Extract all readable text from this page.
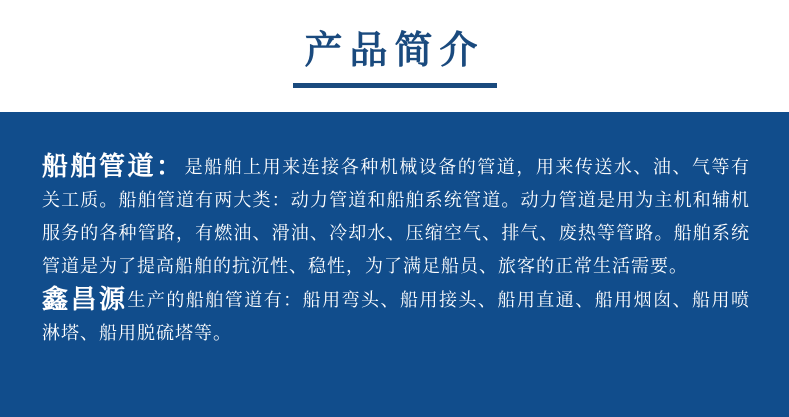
产品简介

船舶管道：是船舶上用来连接各种机械设备的管道，用来传送水、油、气等有关工质。船舶管道有两大类：动力管道和船舶系统管道。动力管道是用为主机和辅机服务的各种管路，有燃油、滑油、冷却水、压缩空气、排气、废热等管路。船舶系统管道是为了提高船舶的抗沉性、稳性，为了满足船员、旅客的正常生活需要。

鑫昌源生产的船舶管道有：船用弯头、船用接头、船用直通、船用烟囱、船用喷淋塔、船用脱硫塔等。
